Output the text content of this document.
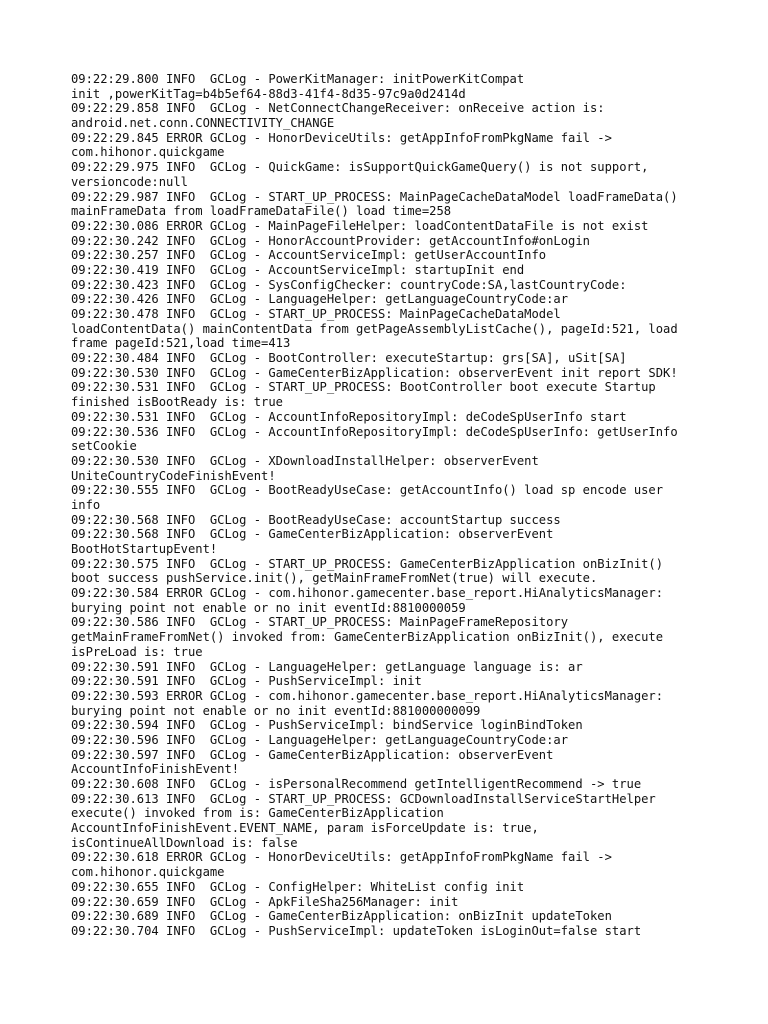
09:22:29.800 INFO  GCLog - PowerKitManager: initPowerKitCompat
init ,powerKitTag=b4b5ef64-88d3-41f4-8d35-97c9a0d2414d
09:22:29.858 INFO  GCLog - NetConnectChangeReceiver: onReceive action is:
android.net.conn.CONNECTIVITY_CHANGE
09:22:29.845 ERROR GCLog - HonorDeviceUtils: getAppInfoFromPkgName fail ->
com.hihonor.quickgame
09:22:29.975 INFO  GCLog - QuickGame: isSupportQuickGameQuery() is not support,
versioncode:null
09:22:29.987 INFO  GCLog - START_UP_PROCESS: MainPageCacheDataModel loadFrameData()
mainFrameData from loadFrameDataFile() load time=258
09:22:30.086 ERROR GCLog - MainPageFileHelper: loadContentDataFile is not exist
09:22:30.242 INFO  GCLog - HonorAccountProvider: getAccountInfo#onLogin
09:22:30.257 INFO  GCLog - AccountServiceImpl: getUserAccountInfo
09:22:30.419 INFO  GCLog - AccountServiceImpl: startupInit end
09:22:30.423 INFO  GCLog - SysConfigChecker: countryCode:SA,lastCountryCode:
09:22:30.426 INFO  GCLog - LanguageHelper: getLanguageCountryCode:ar
09:22:30.478 INFO  GCLog - START_UP_PROCESS: MainPageCacheDataModel
loadContentData() mainContentData from getPageAssemblyListCache(), pageId:521, load
frame pageId:521,load time=413
09:22:30.484 INFO  GCLog - BootController: executeStartup: grs[SA], uSit[SA]
09:22:30.530 INFO  GCLog - GameCenterBizApplication: observerEvent init report SDK!
09:22:30.531 INFO  GCLog - START_UP_PROCESS: BootController boot execute Startup
finished isBootReady is: true
09:22:30.531 INFO  GCLog - AccountInfoRepositoryImpl: deCodeSpUserInfo start
09:22:30.536 INFO  GCLog - AccountInfoRepositoryImpl: deCodeSpUserInfo: getUserInfo
setCookie
09:22:30.530 INFO  GCLog - XDownloadInstallHelper: observerEvent
UniteCountryCodeFinishEvent!
09:22:30.555 INFO  GCLog - BootReadyUseCase: getAccountInfo() load sp encode user
info
09:22:30.568 INFO  GCLog - BootReadyUseCase: accountStartup success
09:22:30.568 INFO  GCLog - GameCenterBizApplication: observerEvent
BootHotStartupEvent!
09:22:30.575 INFO  GCLog - START_UP_PROCESS: GameCenterBizApplication onBizInit()
boot success pushService.init(), getMainFrameFromNet(true) will execute.
09:22:30.584 ERROR GCLog - com.hihonor.gamecenter.base_report.HiAnalyticsManager:
burying point not enable or no init eventId:8810000059
09:22:30.586 INFO  GCLog - START_UP_PROCESS: MainPageFrameRepository
getMainFrameFromNet() invoked from: GameCenterBizApplication onBizInit(), execute
isPreLoad is: true
09:22:30.591 INFO  GCLog - LanguageHelper: getLanguage language is: ar
09:22:30.591 INFO  GCLog - PushServiceImpl: init
09:22:30.593 ERROR GCLog - com.hihonor.gamecenter.base_report.HiAnalyticsManager:
burying point not enable or no init eventId:881000000099
09:22:30.594 INFO  GCLog - PushServiceImpl: bindService loginBindToken
09:22:30.596 INFO  GCLog - LanguageHelper: getLanguageCountryCode:ar
09:22:30.597 INFO  GCLog - GameCenterBizApplication: observerEvent
AccountInfoFinishEvent!
09:22:30.608 INFO  GCLog - isPersonalRecommend getIntelligentRecommend -> true
09:22:30.613 INFO  GCLog - START_UP_PROCESS: GCDownloadInstallServiceStartHelper
execute() invoked from is: GameCenterBizApplication
AccountInfoFinishEvent.EVENT_NAME, param isForceUpdate is: true,
isContinueAllDownload is: false
09:22:30.618 ERROR GCLog - HonorDeviceUtils: getAppInfoFromPkgName fail ->
com.hihonor.quickgame
09:22:30.655 INFO  GCLog - ConfigHelper: WhiteList config init
09:22:30.659 INFO  GCLog - ApkFileSha256Manager: init
09:22:30.689 INFO  GCLog - GameCenterBizApplication: onBizInit updateToken
09:22:30.704 INFO  GCLog - PushServiceImpl: updateToken isLoginOut=false start
